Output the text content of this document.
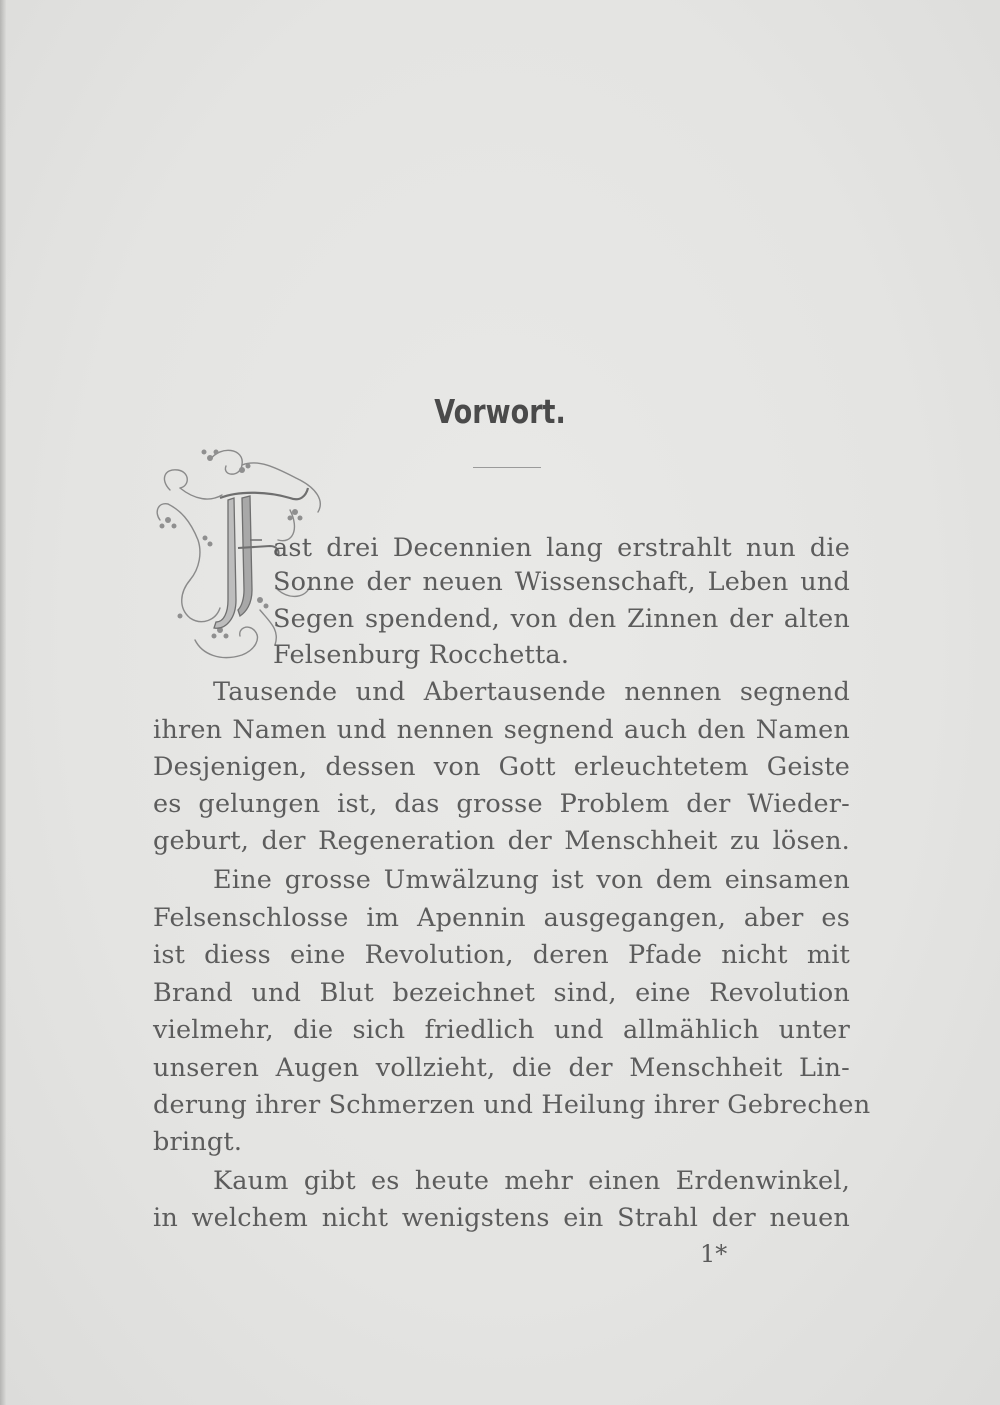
Vorwort.
ast drei Decennien lang erstrahlt nun die
Sonne der neuen Wissenschaft, Leben und
Segen spendend, von den Zinnen der alten
Felsenburg Rocchetta.
Tausende und Abertausende nennen segnend
ihren Namen und nennen segnend auch den Namen
Desjenigen, dessen von Gott erleuchtetem Geiste
es gelungen ist, das grosse Problem der Wieder-
geburt, der Regeneration der Menschheit zu lösen.
Eine grosse Umwälzung ist von dem einsamen
Felsenschlosse im Apennin ausgegangen, aber es
ist diess eine Revolution, deren Pfade nicht mit
Brand und Blut bezeichnet sind, eine Revolution
vielmehr, die sich friedlich und allmählich unter
unseren Augen vollzieht, die der Menschheit Lin-
derung ihrer Schmerzen und Heilung ihrer Gebrechen
bringt.
Kaum gibt es heute mehr einen Erdenwinkel,
in welchem nicht wenigstens ein Strahl der neuen
1*
